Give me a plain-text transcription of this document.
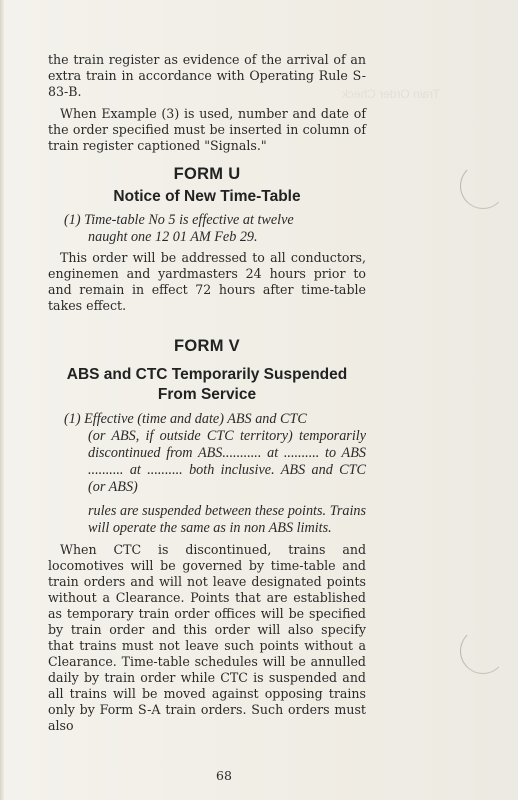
Train Order Check

the train register as evidence of the arrival of an extra train in accordance with Operating Rule S-83-B.

When Example (3) is used, number and date of the order specified must be inserted in column of train register captioned "Signals."

FORM U
Notice of New Time-Table
(1) Time-table No 5 is effective at twelve
naught one 12 01 AM Feb 29.

This order will be addressed to all conductors, enginemen and yardmasters 24 hours prior to and remain in effect 72 hours after time-table takes effect.

FORM V
ABS and CTC Temporarily Suspended
From Service
(1) Effective (time and date) ABS and CTC
(or ABS, if outside CTC territory) temporarily discontinued from ABS........... at .......... to ABS .......... at .......... both inclusive. ABS and CTC (or ABS)
rules are suspended between these points. Trains will operate the same as in non ABS limits.

When CTC is discontinued, trains and locomotives will be governed by time-table and train orders and will not leave designated points without a Clearance. Points that are established as temporary train order offices will be specified by train order and this order will also specify that trains must not leave such points without a Clearance. Time-table schedules will be annulled daily by train order while CTC is suspended and all trains will be moved against opposing trains only by Form S-A train orders. Such orders must also

68
